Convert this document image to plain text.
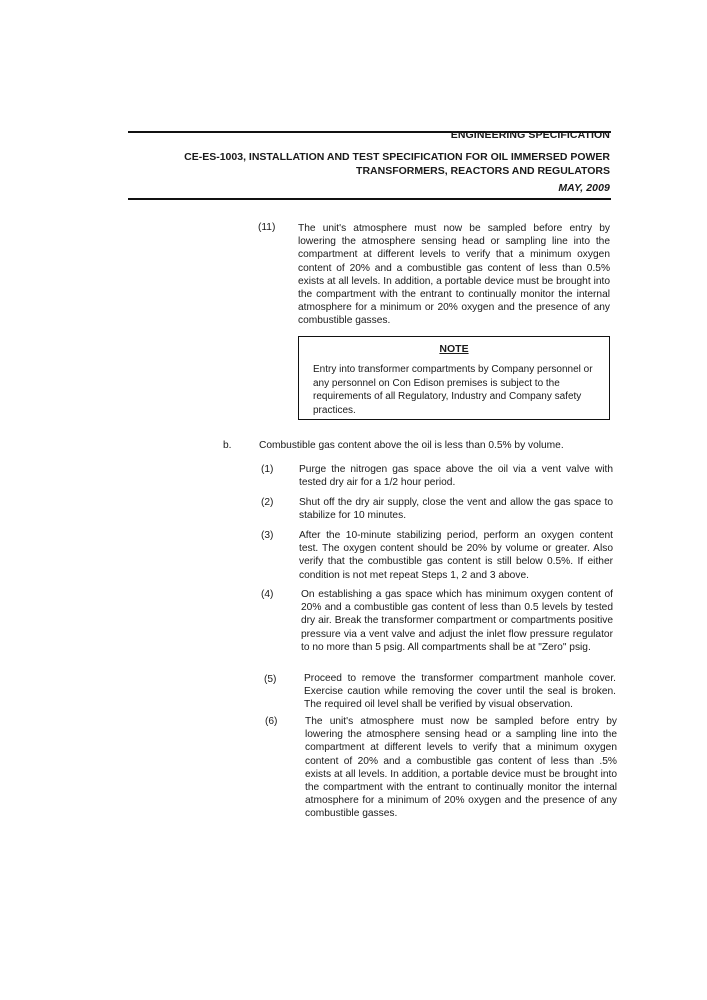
ENGINEERING SPECIFICATION
CE-ES-1003, INSTALLATION AND TEST SPECIFICATION FOR OIL IMMERSED POWER
TRANSFORMERS, REACTORS AND REGULATORS
MAY, 2009
(11) The unit's atmosphere must now be sampled before entry by lowering the atmosphere sensing head or sampling line into the compartment at different levels to verify that a minimum oxygen content of 20% and a combustible gas content of less than 0.5% exists at all levels. In addition, a portable device must be brought into the compartment with the entrant to continually monitor the internal atmosphere for a minimum or 20% oxygen and the presence of any combustible gasses.
NOTE
Entry into transformer compartments by Company personnel or any personnel on Con Edison premises is subject to the requirements of all Regulatory, Industry and Company safety practices.
b.	Combustible gas content above the oil is less than 0.5% by volume.
(1)	Purge the nitrogen gas space above the oil via a vent valve with tested dry air for a 1/2 hour period.
(2)	Shut off the dry air supply, close the vent and allow the gas space to stabilize for 10 minutes.
(3)	After the 10-minute stabilizing period, perform an oxygen content test. The oxygen content should be 20% by volume or greater. Also verify that the combustible gas content is still below 0.5%. If either condition is not met repeat Steps 1, 2 and 3 above.
(4)	On establishing a gas space which has minimum oxygen content of 20% and a combustible gas content of less than 0.5 levels by tested dry air. Break the transformer compartment or compartments positive pressure via a vent valve and adjust the inlet flow pressure regulator to no more than 5 psig. All compartments shall be at "Zero" psig.
(5)	Proceed to remove the transformer compartment manhole cover. Exercise caution while removing the cover until the seal is broken. The required oil level shall be verified by visual observation.
(6)	The unit's atmosphere must now be sampled before entry by lowering the atmosphere sensing head or a sampling line into the compartment at different levels to verify that a minimum oxygen content of 20% and a combustible gas content of less than .5% exists at all levels. In addition, a portable device must be brought into the compartment with the entrant to continually monitor the internal atmosphere for a minimum of 20% oxygen and the presence of any combustible gasses.
